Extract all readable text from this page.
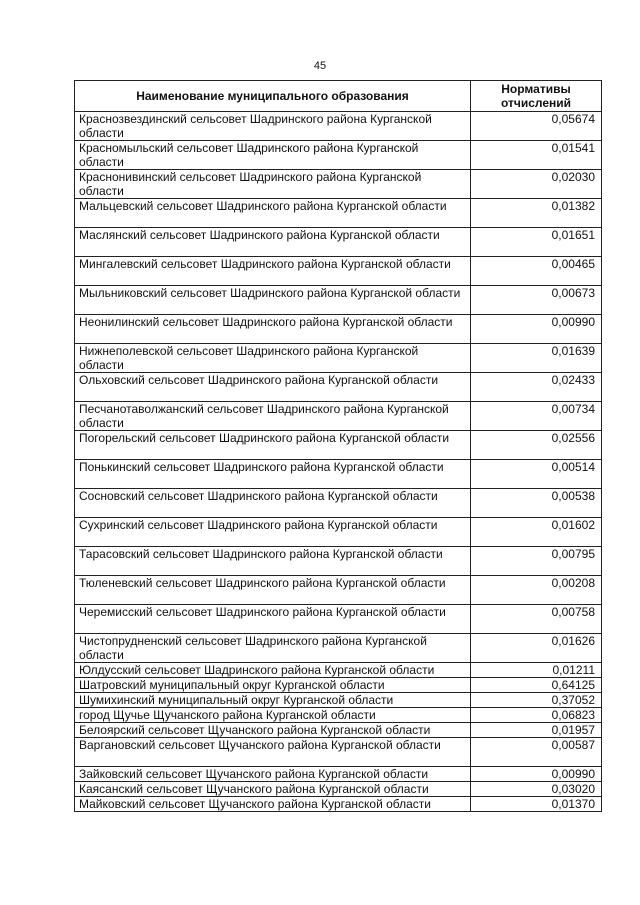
45
Наименование муниципального образования	Нормативы отчислений
Краснозвездинский сельсовет Шадринского района Курганской области	0,05674
Красномыльский сельсовет Шадринского района Курганской области	0,01541
Краснонивинский сельсовет Шадринского района Курганской области	0,02030
Мальцевский сельсовет Шадринского района Курганской области	0,01382
Маслянский сельсовет Шадринского района Курганской области	0,01651
Мингалевский сельсовет Шадринского района Курганской области	0,00465
Мыльниковский сельсовет Шадринского района Курганской области	0,00673
Неонилинский сельсовет Шадринского района Курганской области	0,00990
Нижнеполевской сельсовет Шадринского района Курганской области	0,01639
Ольховский сельсовет Шадринского района Курганской области	0,02433
Песчанотаволжанский сельсовет Шадринского района Курганской области	0,00734
Погорельский сельсовет Шадринского района Курганской области	0,02556
Понькинский сельсовет Шадринского района Курганской области	0,00514
Сосновский сельсовет Шадринского района Курганской области	0,00538
Сухринский сельсовет Шадринского района Курганской области	0,01602
Тарасовский сельсовет Шадринского района Курганской области	0,00795
Тюленевский сельсовет Шадринского района Курганской области	0,00208
Черемисский сельсовет Шадринского района Курганской области	0,00758
Чистопрудненский сельсовет Шадринского района Курганской области	0,01626
Юлдусский сельсовет Шадринского района Курганской области	0,01211
Шатровский муниципальный округ Курганской области	0,64125
Шумихинский муниципальный округ Курганской области	0,37052
город Щучье Щучанского района Курганской области	0,06823
Белоярский сельсовет Щучанского района Курганской области	0,01957
Варгановский сельсовет Щучанского района Курганской области	0,00587
Зайковский сельсовет Щучанского района Курганской области	0,00990
Каясанский сельсовет Щучанского района Курганской области	0,03020
Майковский сельсовет Щучанского района Курганской области	0,01370
